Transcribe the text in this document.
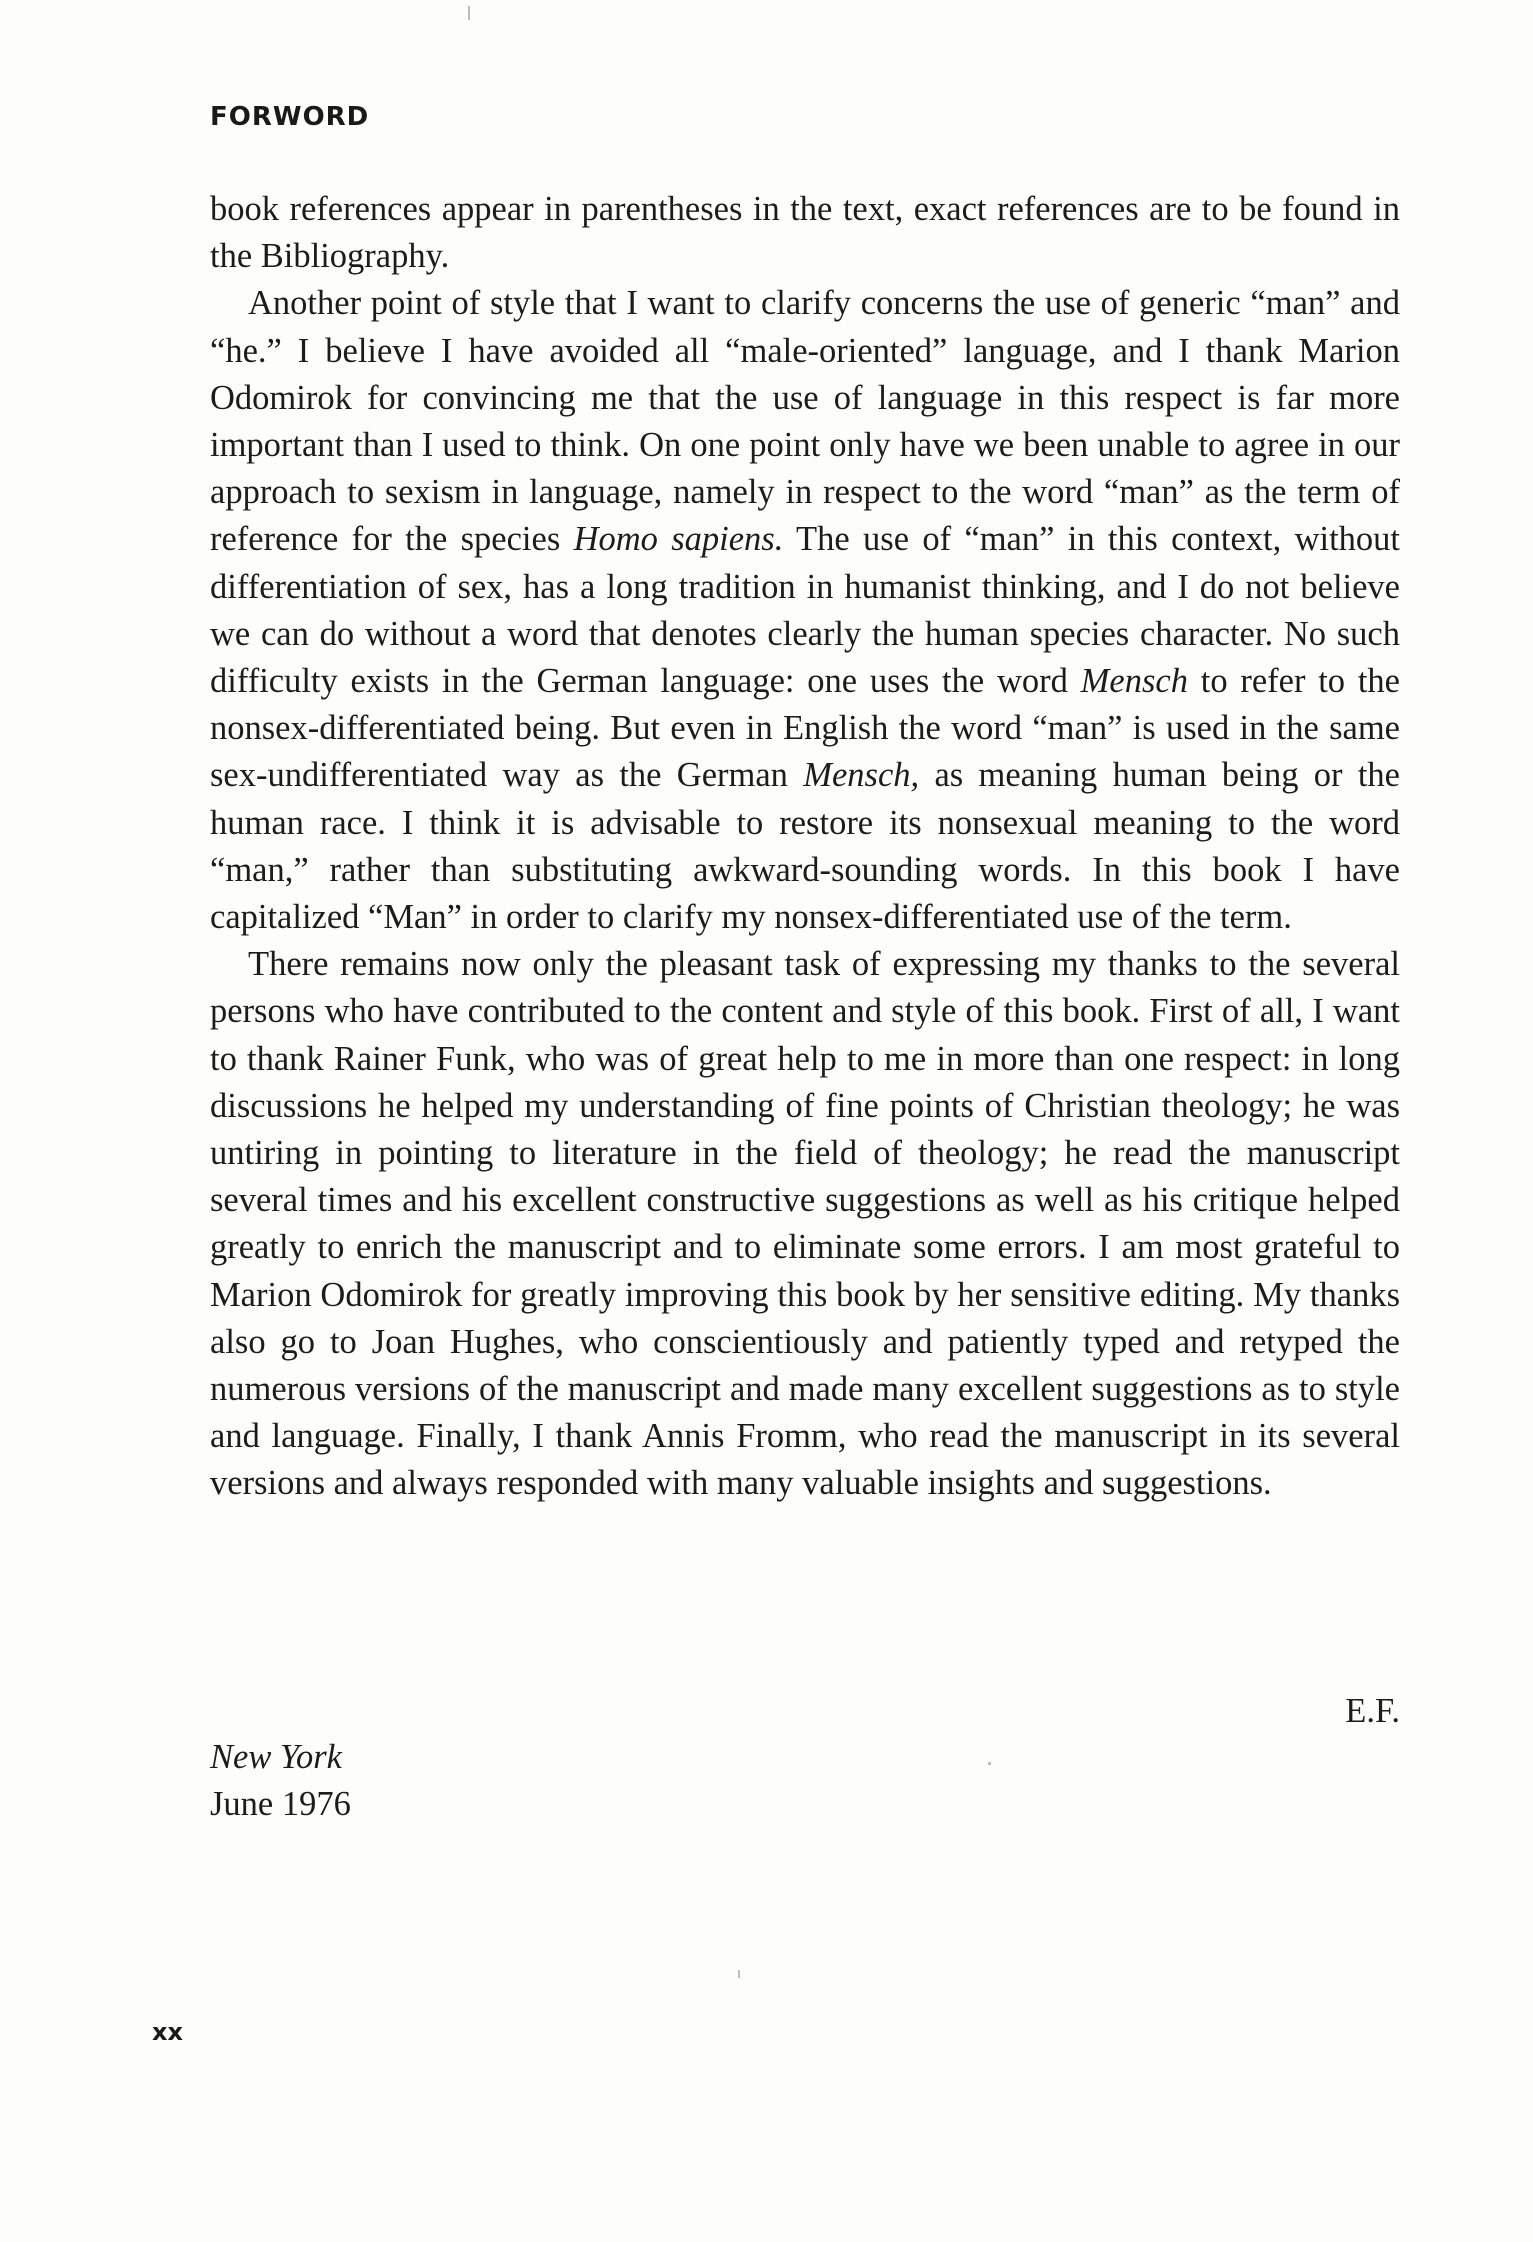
FORWORD

book references appear in parentheses in the text, exact references are to be found in the Bibliography.

Another point of style that I want to clarify concerns the use of generic “man” and “he.” I believe I have avoided all “male-oriented” language, and I thank Marion Odomirok for convincing me that the use of language in this respect is far more important than I used to think. On one point only have we been unable to agree in our approach to sexism in language, namely in respect to the word “man” as the term of reference for the species Homo sapiens. The use of “man” in this context, without differentiation of sex, has a long tradition in humanist thinking, and I do not believe we can do without a word that denotes clearly the human species character. No such difficulty exists in the German language: one uses the word Mensch to refer to the nonsex-differentiated being. But even in English the word “man” is used in the same sex-undifferentiated way as the German Mensch, as meaning human being or the human race. I think it is advisable to restore its nonsexual meaning to the word “man,” rather than substituting awkward-sounding words. In this book I have capitalized “Man” in order to clarify my nonsex-differentiated use of the term.

There remains now only the pleasant task of expressing my thanks to the several persons who have contributed to the content and style of this book. First of all, I want to thank Rainer Funk, who was of great help to me in more than one respect: in long discussions he helped my understanding of fine points of Christian theology; he was untiring in pointing to literature in the field of theology; he read the manuscript several times and his excellent constructive suggestions as well as his critique helped greatly to enrich the manuscript and to eliminate some errors. I am most grateful to Marion Odomirok for greatly improving this book by her sensitive editing. My thanks also go to Joan Hughes, who conscientiously and patiently typed and retyped the numerous versions of the manuscript and made many excellent suggestions as to style and language. Finally, I thank Annis Fromm, who read the manuscript in its several versions and always responded with many valuable insights and suggestions.

E.F.
New York
June 1976
xx
